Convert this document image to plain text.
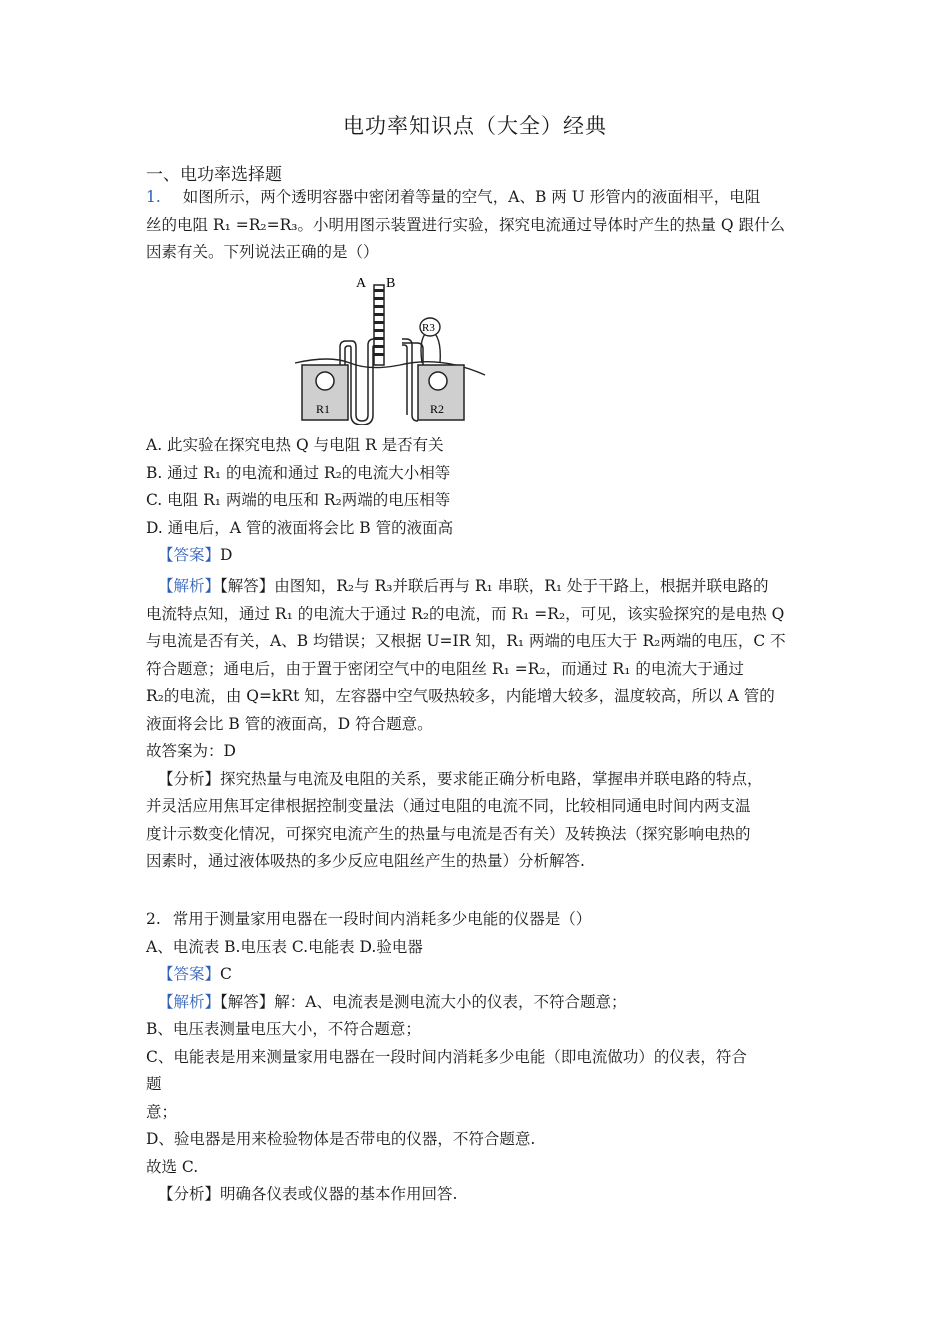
电功率知识点（大全）经典
一、电功率选择题
1. 如图所示，两个透明容器中密闭着等量的空气，A、B 两 U 形管内的液面相平，电阻
丝的电阻 R₁ =R₂=R₃。小明用图示装置进行实验，探究电流通过导体时产生的热量 Q 跟什么
因素有关。下列说法正确的是（）
A B
R3
R1	R2
A. 此实验在探究电热 Q 与电阻 R 是否有关
B. 通过 R₁ 的电流和通过 R₂的电流大小相等
C. 电阻 R₁ 两端的电压和 R₂两端的电压相等
D. 通电后，A 管的液面将会比 B 管的液面高
【答案】D
【解析】【解答】由图知，R₂与 R₃并联后再与 R₁ 串联，R₁ 处于干路上，根据并联电路的
电流特点知，通过 R₁ 的电流大于通过 R₂的电流，而 R₁ =R₂，可见，该实验探究的是电热 Q
与电流是否有关，A、B 均错误；又根据 U=IR 知，R₁ 两端的电压大于 R₂两端的电压，C 不
符合题意；通电后，由于置于密闭空气中的电阻丝 R₁ =R₂，而通过 R₁ 的电流大于通过
R₂的电流，由 Q=kRt 知，左容器中空气吸热较多，内能增大较多，温度较高，所以 A 管的
液面将会比 B 管的液面高，D 符合题意。
故答案为：D
【分析】探究热量与电流及电阻的关系，要求能正确分析电路，掌握串并联电路的特点，
并灵活应用焦耳定律根据控制变量法（通过电阻的电流不同，比较相同通电时间内两支温
度计示数变化情况，可探究电流产生的热量与电流是否有关）及转换法（探究影响电热的
因素时，通过液体吸热的多少反应电阻丝产生的热量）分析解答.
2. 常用于测量家用电器在一段时间内消耗多少电能的仪器是（）
A、电流表 B.电压表 C.电能表 D.验电器
【答案】C
【解析】【解答】解：A、电流表是测电流大小的仪表，不符合题意；
B、电压表测量电压大小，不符合题意；
C、电能表是用来测量家用电器在一段时间内消耗多少电能（即电流做功）的仪表，符合
题
意；
D、验电器是用来检验物体是否带电的仪器，不符合题意.
故选 C.
【分析】明确各仪表或仪器的基本作用回答.
